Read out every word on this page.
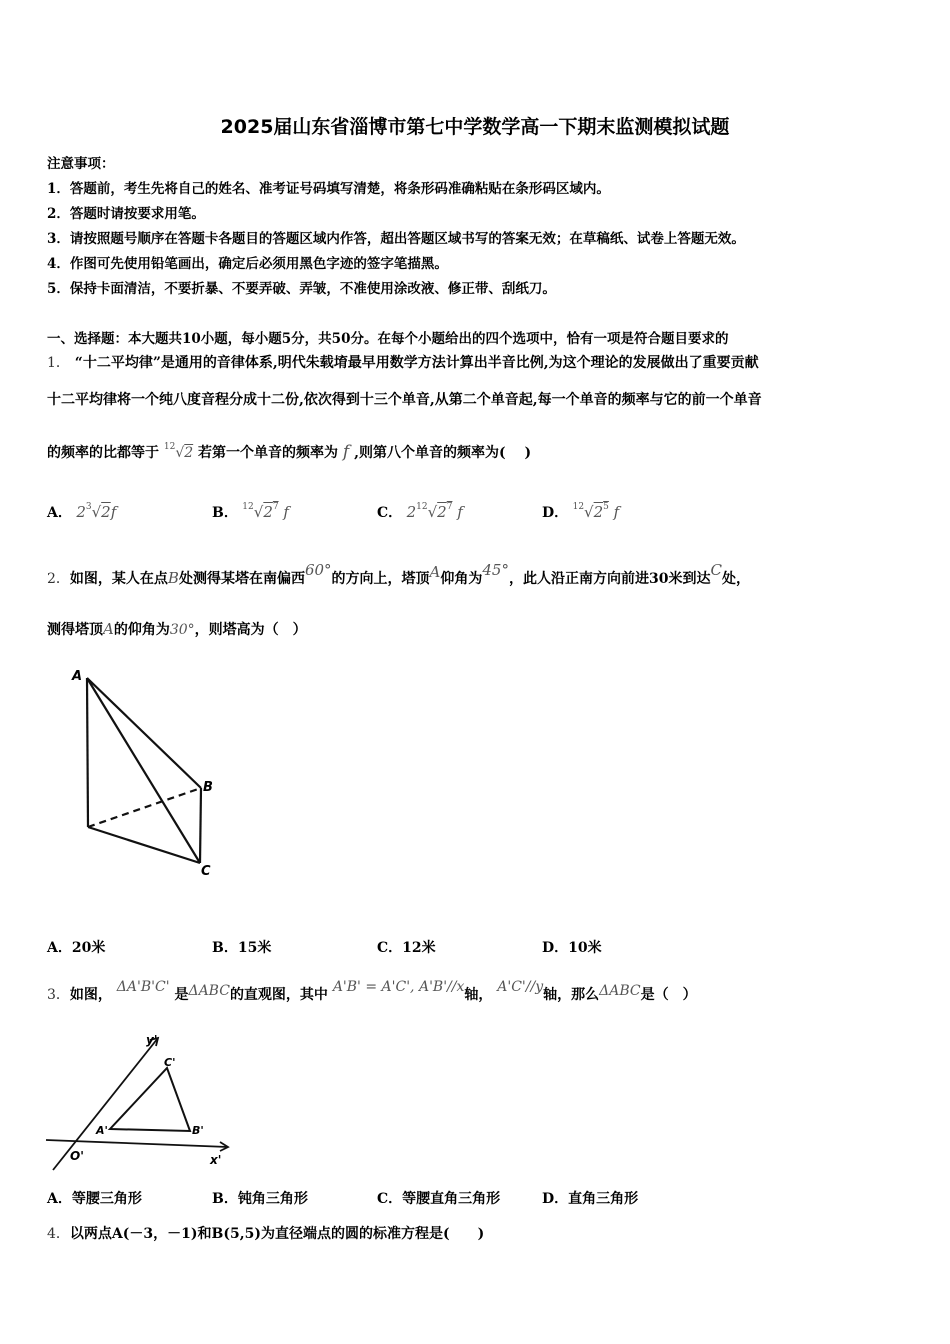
2025届山东省淄博市第七中学数学高一下期末监测模拟试题
注意事项：
1．答题前，考生先将自己的姓名、准考证号码填写清楚，将条形码准确粘贴在条形码区域内。
2．答题时请按要求用笔。
3．请按照题号顺序在答题卡各题目的答题区域内作答，超出答题区域书写的答案无效；在草稿纸、试卷上答题无效。
4．作图可先使用铅笔画出，确定后必须用黑色字迹的签字笔描黑。
5．保持卡面清洁，不要折暴、不要弄破、弄皱，不准使用涂改液、修正带、刮纸刀。
一、选择题：本大题共10小题，每小题5分，共50分。在每个小题给出的四个选项中，恰有一项是符合题目要求的
1． “十二平均律”是通用的音律体系,明代朱载堉最早用数学方法计算出半音比例,为这个理论的发展做出了重要贡献
十二平均律将一个纯八度音程分成十二份,依次得到十三个单音,从第二个单音起,每一个单音的频率与它的前一个单音
的频率的比都等于 $^{12}$√2 若第一个单音的频率为 f ,则第八个单音的频率为(　 )
A． $2^3√2f$	B． $^{12}√2^7$ f	C． $2^{12}√2^7$ f	D． $^{12}√2^5$ f
2．如图，某人在点B处测得某塔在南偏西60°的方向上，塔顶A仰角为45°，此人沿正南方向前进30米到达C处，
测得塔顶A的仰角为30°，则塔高为（　）
A
B
C
A．20米	B．15米	C．12米	D．10米
3．如图， ΔA'B'C' 是ΔABC的直观图，其中 A'B' = A'C', A'B'//x轴， A'C'//y轴，那么ΔABC是（　）
y'
x'
O'
A'	B'
C'
A．等腰三角形	B．钝角三角形	C．等腰直角三角形	D．直角三角形
4．以两点A(－3，－1)和B(5,5)为直径端点的圆的标准方程是(　　)
